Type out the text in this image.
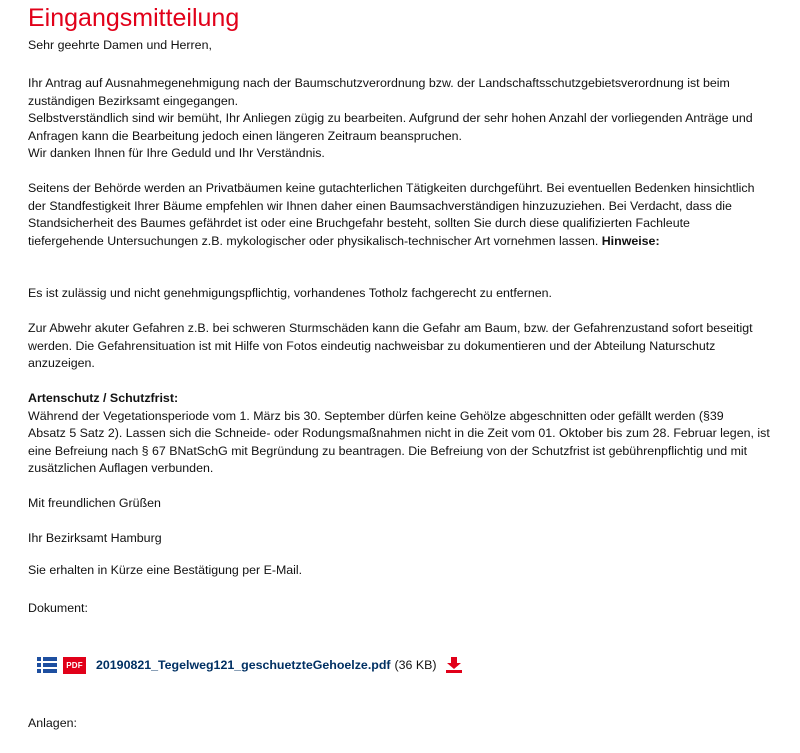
Eingangsmitteilung

Sehr geehrte Damen und Herren,

Ihr Antrag auf Ausnahmegenehmigung nach der Baumschutzverordnung bzw. der Landschaftsschutzgebietsverordnung ist beim
zuständigen Bezirksamt eingegangen.
Selbstverständlich sind wir bemüht, Ihr Anliegen zügig zu bearbeiten. Aufgrund der sehr hohen Anzahl der vorliegenden Anträge und
Anfragen kann die Bearbeitung jedoch einen längeren Zeitraum beanspruchen.
Wir danken Ihnen für Ihre Geduld und Ihr Verständnis.

Seitens der Behörde werden an Privatbäumen keine gutachterlichen Tätigkeiten durchgeführt. Bei eventuellen Bedenken hinsichtlich
der Standfestigkeit Ihrer Bäume empfehlen wir Ihnen daher einen Baumsachverständigen hinzuzuziehen. Bei Verdacht, dass die
Standsicherheit des Baumes gefährdet ist oder eine Bruchgefahr besteht, sollten Sie durch diese qualifizierten Fachleute
tiefergehende Untersuchungen z.B. mykologischer oder physikalisch-technischer Art vornehmen lassen. Hinweise:

Es ist zulässig und nicht genehmigungspflichtig, vorhandenes Totholz fachgerecht zu entfernen.

Zur Abwehr akuter Gefahren z.B. bei schweren Sturmschäden kann die Gefahr am Baum, bzw. der Gefahrenzustand sofort beseitigt
werden. Die Gefahrensituation ist mit Hilfe von Fotos eindeutig nachweisbar zu dokumentieren und der Abteilung Naturschutz
anzuzeigen.

Artenschutz / Schutzfrist:
Während der Vegetationsperiode vom 1. März bis 30. September dürfen keine Gehölze abgeschnitten oder gefällt werden (§39
Absatz 5 Satz 2). Lassen sich die Schneide- oder Rodungsmaßnahmen nicht in die Zeit vom 01. Oktober bis zum 28. Februar legen, ist
eine Befreiung nach § 67 BNatSchG mit Begründung zu beantragen. Die Befreiung von der Schutzfrist ist gebührenpflichtig und mit
zusätzlichen Auflagen verbunden.

Mit freundlichen Grüßen

Ihr Bezirksamt Hamburg

Sie erhalten in Kürze eine Bestätigung per E-Mail.

Dokument:

PDF 20190821_Tegelweg121_geschuetzteGehoelze.pdf (36 KB)

Anlagen:
